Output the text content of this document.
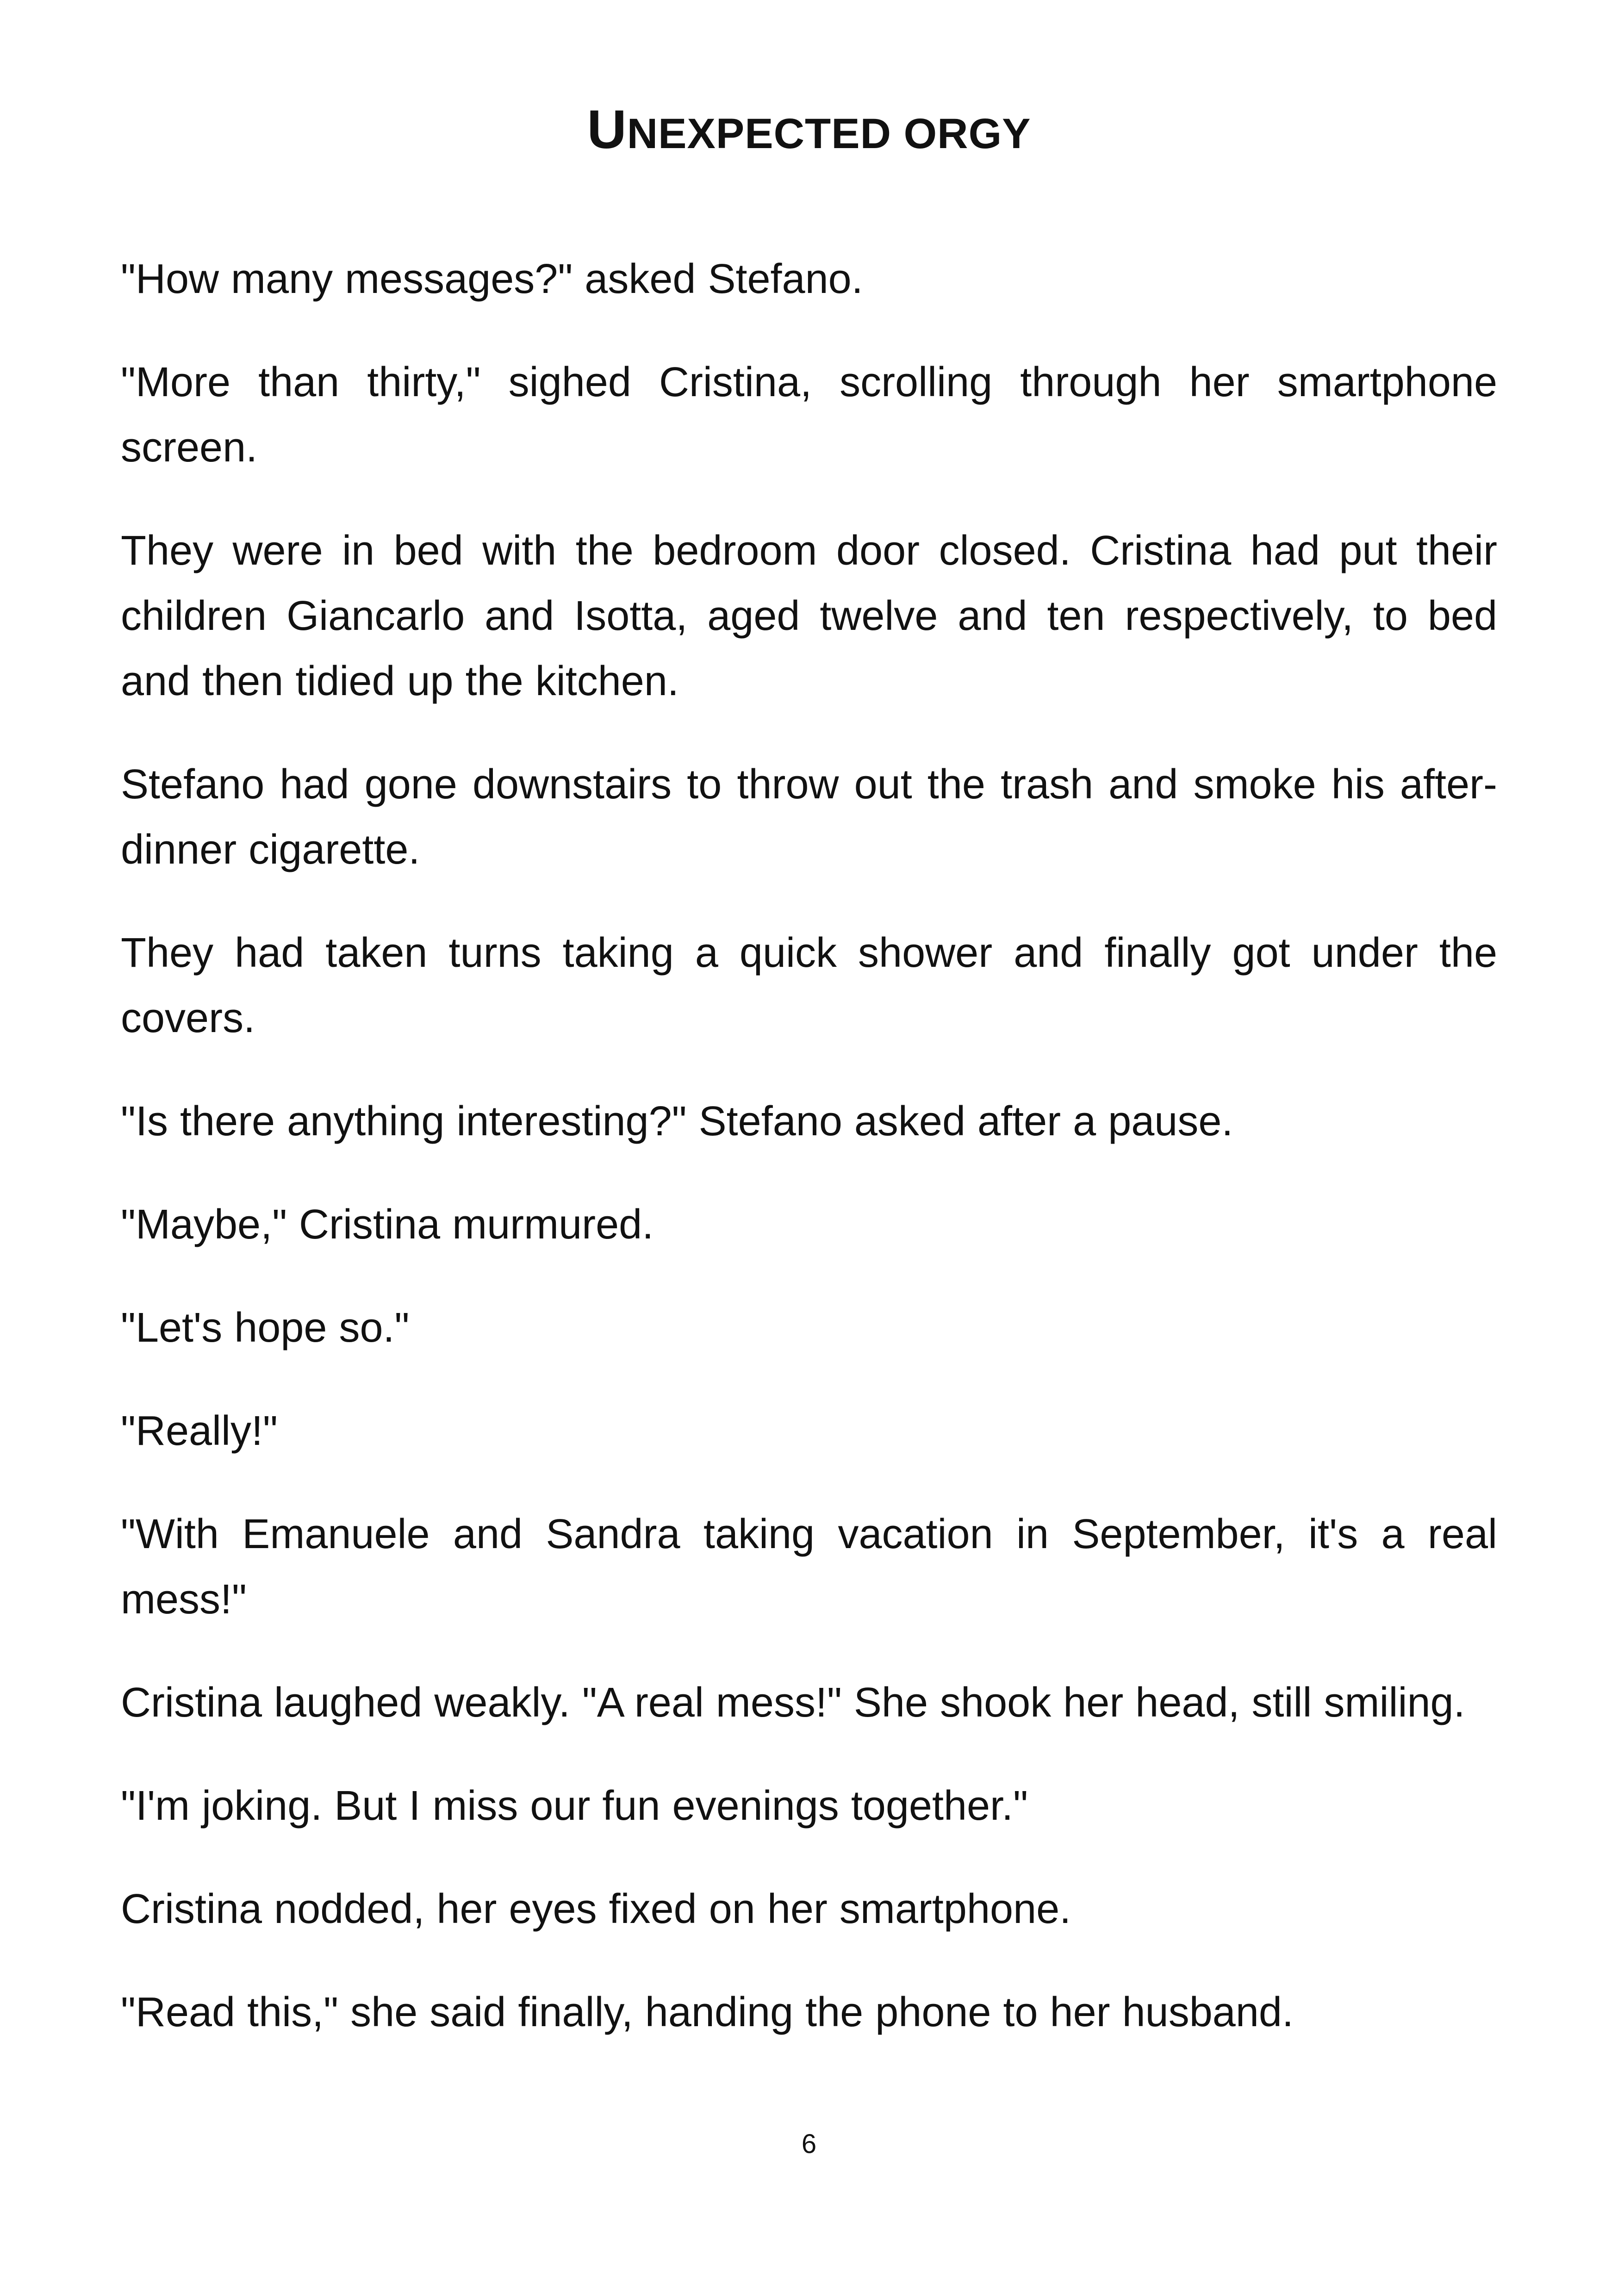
UNEXPECTED ORGY

"How many messages?" asked Stefano.

"More than thirty," sighed Cristina, scrolling through her smartphone screen.

They were in bed with the bedroom door closed. Cristina had put their children Giancarlo and Isotta, aged twelve and ten respectively, to bed and then tidied up the kitchen.

Stefano had gone downstairs to throw out the trash and smoke his after-dinner cigarette.

They had taken turns taking a quick shower and finally got under the covers.

"Is there anything interesting?" Stefano asked after a pause.

"Maybe," Cristina murmured.

"Let's hope so."

"Really!"

"With Emanuele and Sandra taking vacation in September, it's a real mess!"

Cristina laughed weakly. "A real mess!" She shook her head, still smiling.

"I'm joking. But I miss our fun evenings together."

Cristina nodded, her eyes fixed on her smartphone.

"Read this," she said finally, handing the phone to her husband.

6
